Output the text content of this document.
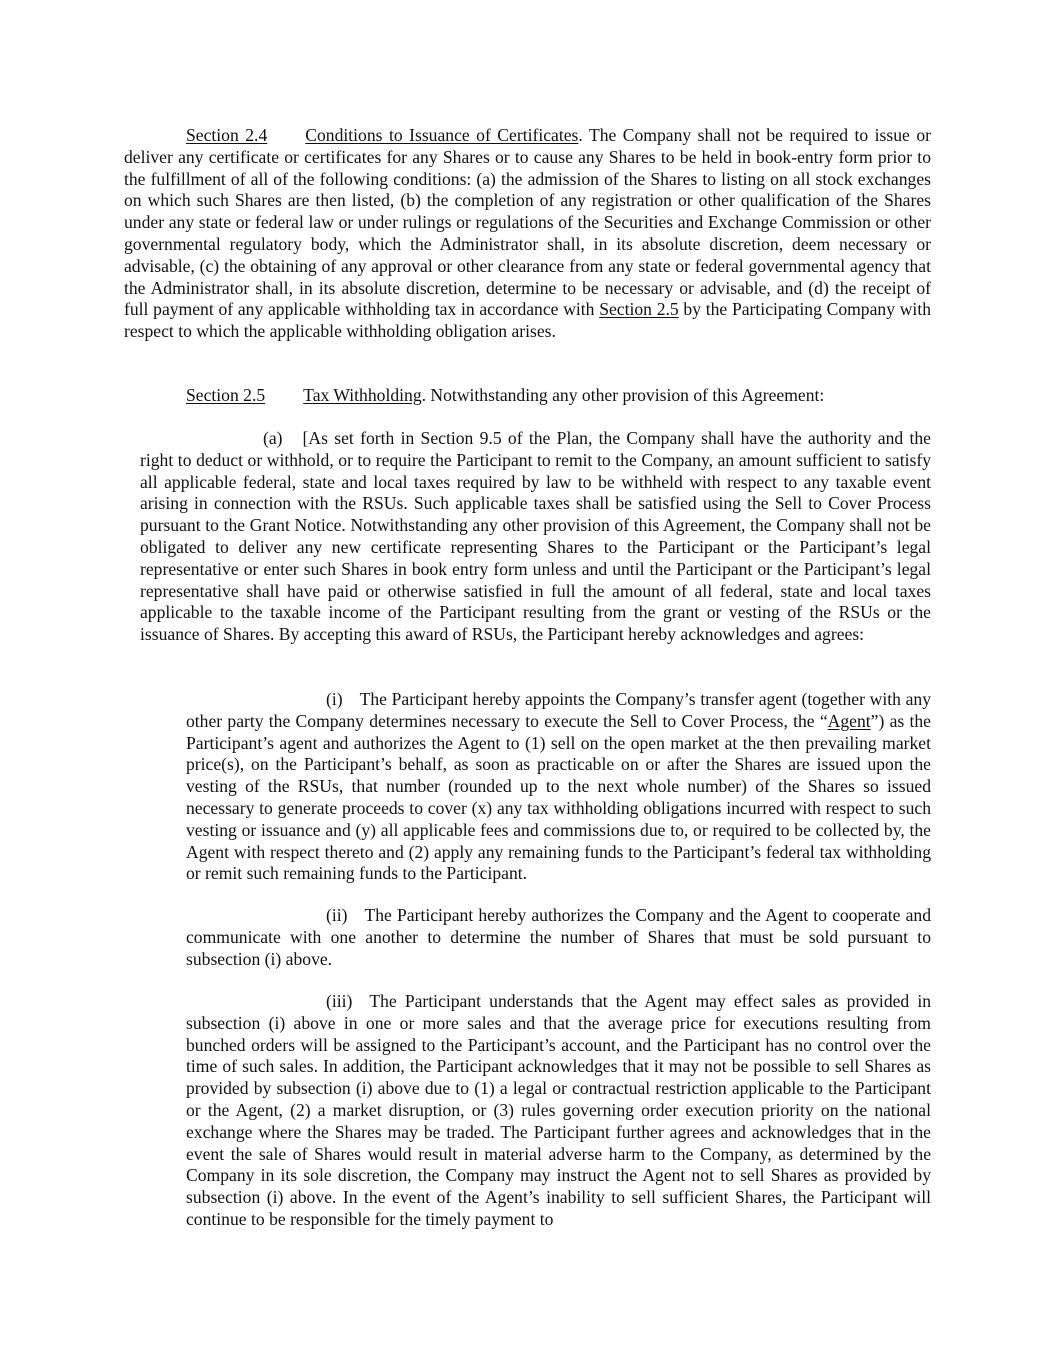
Section 2.4 Conditions to Issuance of Certificates. The Company shall not be required to issue or deliver any certificate or certificates for any Shares or to cause any Shares to be held in book-entry form prior to the fulfillment of all of the following conditions: (a) the admission of the Shares to listing on all stock exchanges on which such Shares are then listed, (b) the completion of any registration or other qualification of the Shares under any state or federal law or under rulings or regulations of the Securities and Exchange Commission or other governmental regulatory body, which the Administrator shall, in its absolute discretion, deem necessary or advisable, (c) the obtaining of any approval or other clearance from any state or federal governmental agency that the Administrator shall, in its absolute discretion, determine to be necessary or advisable, and (d) the receipt of full payment of any applicable withholding tax in accordance with Section 2.5 by the Participating Company with respect to which the applicable withholding obligation arises.

Section 2.5 Tax Withholding. Notwithstanding any other provision of this Agreement:

(a) [As set forth in Section 9.5 of the Plan, the Company shall have the authority and the right to deduct or withhold, or to require the Participant to remit to the Company, an amount sufficient to satisfy all applicable federal, state and local taxes required by law to be withheld with respect to any taxable event arising in connection with the RSUs. Such applicable taxes shall be satisfied using the Sell to Cover Process pursuant to the Grant Notice. Notwithstanding any other provision of this Agreement, the Company shall not be obligated to deliver any new certificate representing Shares to the Participant or the Participant’s legal representative or enter such Shares in book entry form unless and until the Participant or the Participant’s legal representative shall have paid or otherwise satisfied in full the amount of all federal, state and local taxes applicable to the taxable income of the Participant resulting from the grant or vesting of the RSUs or the issuance of Shares. By accepting this award of RSUs, the Participant hereby acknowledges and agrees:

(i) The Participant hereby appoints the Company’s transfer agent (together with any other party the Company determines necessary to execute the Sell to Cover Process, the “Agent”) as the Participant’s agent and authorizes the Agent to (1) sell on the open market at the then prevailing market price(s), on the Participant’s behalf, as soon as practicable on or after the Shares are issued upon the vesting of the RSUs, that number (rounded up to the next whole number) of the Shares so issued necessary to generate proceeds to cover (x) any tax withholding obligations incurred with respect to such vesting or issuance and (y) all applicable fees and commissions due to, or required to be collected by, the Agent with respect thereto and (2) apply any remaining funds to the Participant’s federal tax withholding or remit such remaining funds to the Participant.

(ii) The Participant hereby authorizes the Company and the Agent to cooperate and communicate with one another to determine the number of Shares that must be sold pursuant to subsection (i) above.

(iii) The Participant understands that the Agent may effect sales as provided in subsection (i) above in one or more sales and that the average price for executions resulting from bunched orders will be assigned to the Participant’s account, and the Participant has no control over the time of such sales. In addition, the Participant acknowledges that it may not be possible to sell Shares as provided by subsection (i) above due to (1) a legal or contractual restriction applicable to the Participant or the Agent, (2) a market disruption, or (3) rules governing order execution priority on the national exchange where the Shares may be traded. The Participant further agrees and acknowledges that in the event the sale of Shares would result in material adverse harm to the Company, as determined by the Company in its sole discretion, the Company may instruct the Agent not to sell Shares as provided by subsection (i) above. In the event of the Agent’s inability to sell sufficient Shares, the Participant will continue to be responsible for the timely payment to
